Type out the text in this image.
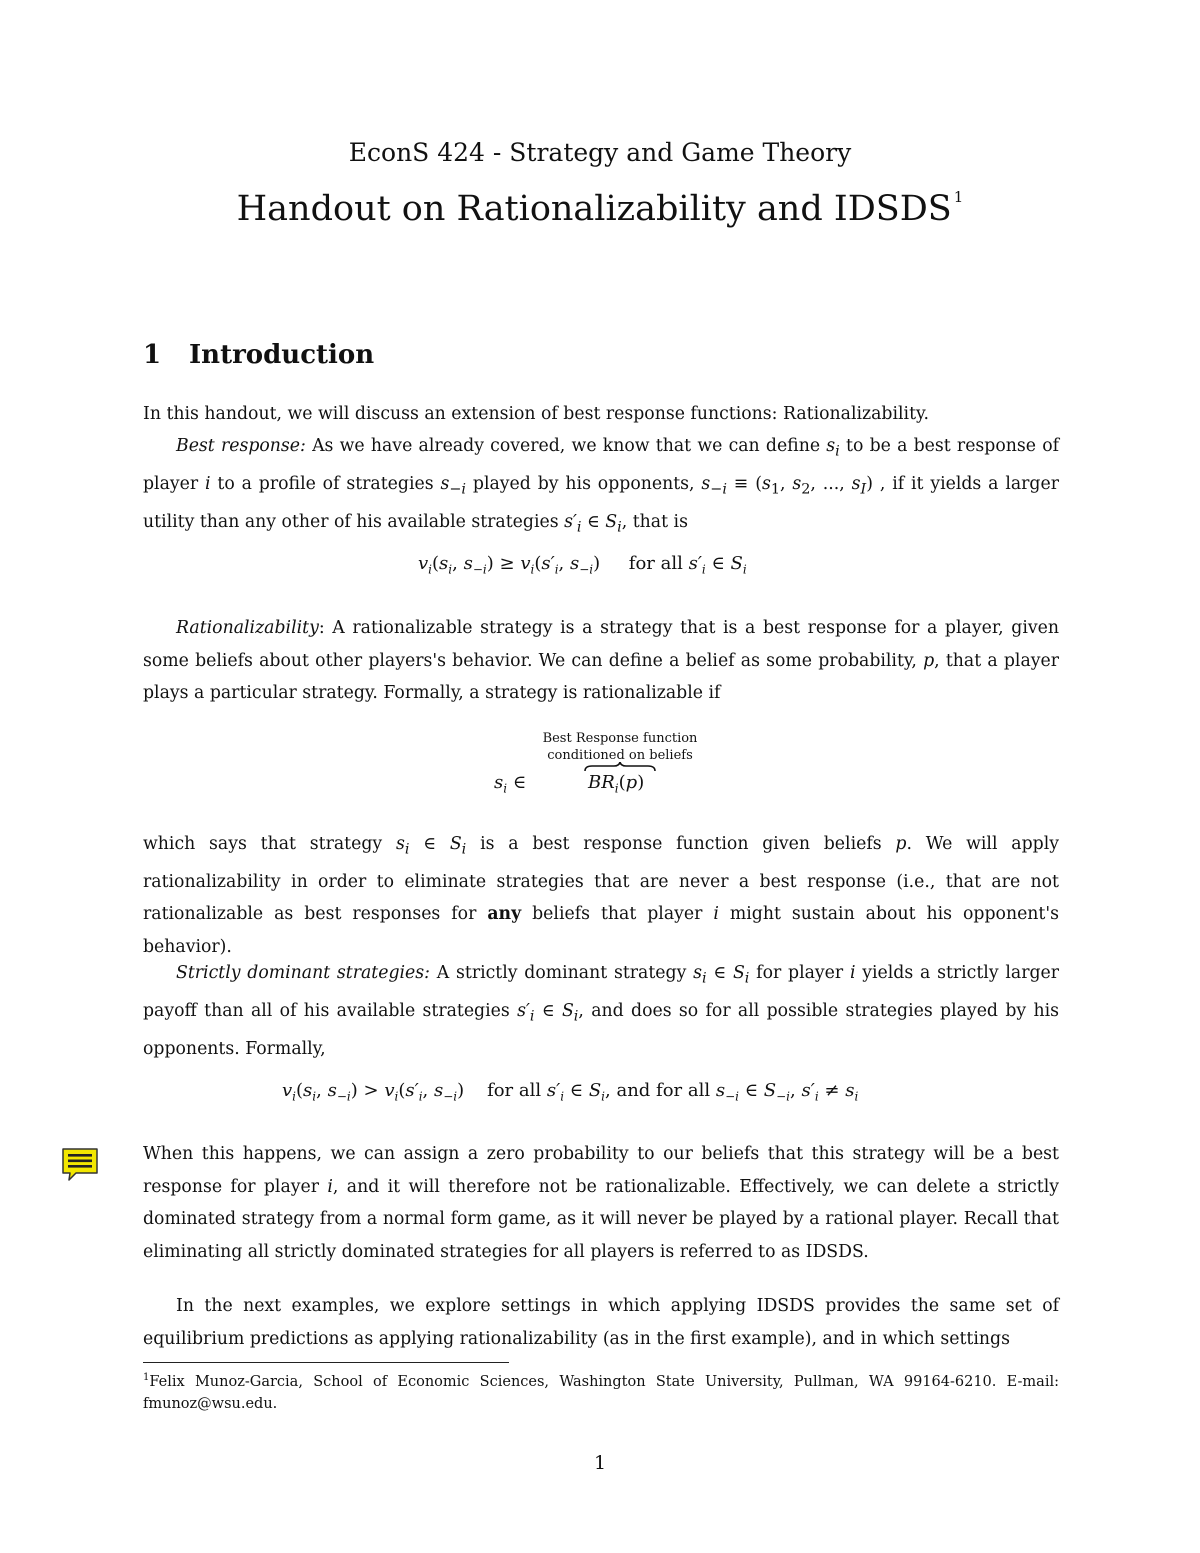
EconS 424 - Strategy and Game Theory
Handout on Rationalizability and IDSDS $^1$
1 Introduction

In this handout, we will discuss an extension of best response functions: Rationalizability.

Best response: As we have already covered, we know that we can define $s_i$ to be a best response of player i to a profile of strategies $s_{-i}$ played by his opponents, $s_{-i} \equiv (s_1$, $s_2$, ..., $s_I$) , if it yields a larger utility than any other of his available strategies $s'_i$ ∈ $S_i$, that is

$v_i(s_i$, $s_{-i}) \ge v_i(s'_i$, $s_{-i}$)     for all $s'_i$ ∈ $S_i$

Rationalizability: A rationalizable strategy is a strategy that is a best response for a player, given some beliefs about other players's behavior. We can define a belief as some probability, p, that a player plays a particular strategy. Formally, a strategy is rationalizable if

Best Response function
conditioned on beliefs
$s_i$ ∈	$BR_i(p)$

which says that strategy $s_i$ ∈ $S_i$ is a best response function given beliefs p. We will apply rationalizability in order to eliminate strategies that are never a best response (i.e., that are not rationalizable as best responses for any beliefs that player i might sustain about his opponent's behavior).

Strictly dominant strategies: A strictly dominant strategy $s_i$ ∈ $S_i$ for player i yields a strictly larger payoff than all of his available strategies $s'_i$ ∈ $S_i$, and does so for all possible strategies played by his opponents. Formally,

$v_i(s_i$, $s_{-i}) > v_i(s'_i$, $s_{-i}$)    for all $s'_i$ ∈ $S_i$, and for all $s_{-i}$ ∈ $S_{-i}$, $s'_i \ne s_i$

When this happens, we can assign a zero probability to our beliefs that this strategy will be a best response for player i, and it will therefore not be rationalizable. Effectively, we can delete a strictly dominated strategy from a normal form game, as it will never be played by a rational player. Recall that eliminating all strictly dominated strategies for all players is referred to as IDSDS.

In the next examples, we explore settings in which applying IDSDS provides the same set of equilibrium predictions as applying rationalizability (as in the first example), and in which settings

$^1$Felix Munoz-Garcia, School of Economic Sciences, Washington State University, Pullman, WA 99164-6210. E-mail: fmunoz@wsu.edu.
1
